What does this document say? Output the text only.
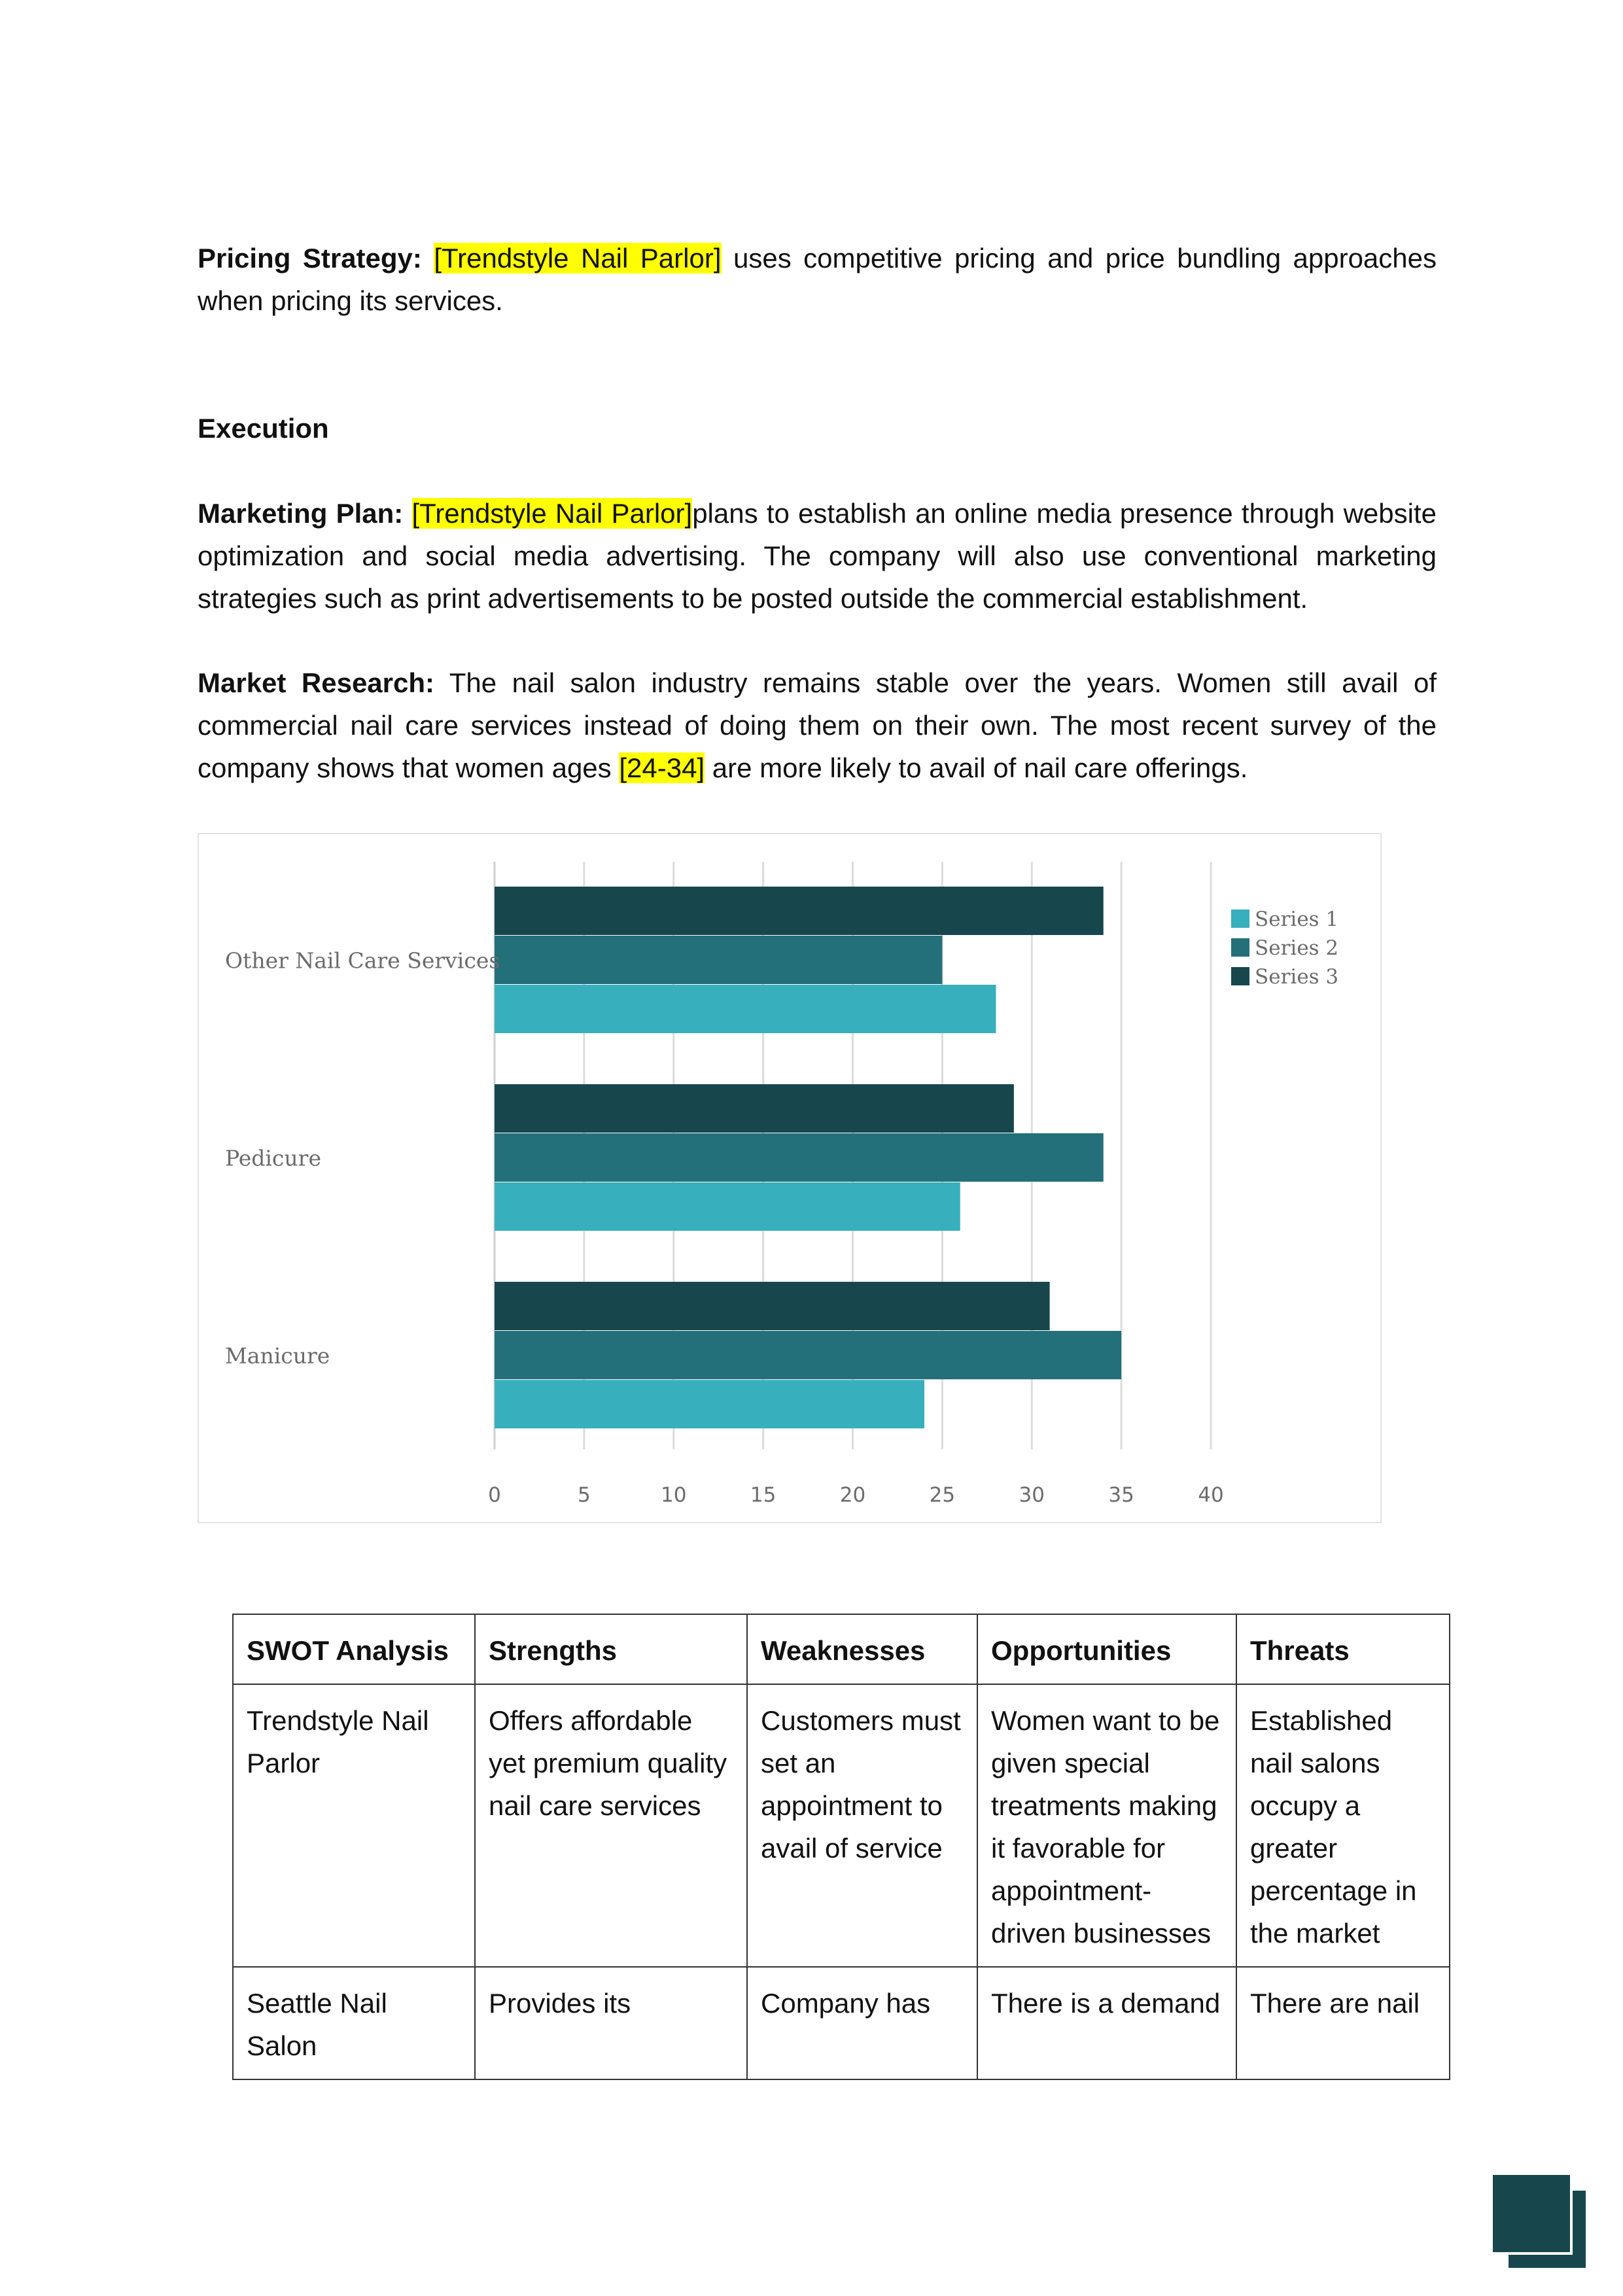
Pricing Strategy: [Trendstyle Nail Parlor] uses competitive pricing and price bundling approaches when pricing its services.

Execution

Marketing Plan: [Trendstyle Nail Parlor]plans to establish an online media presence through website optimization and social media advertising. The company will also use conventional marketing strategies such as print advertisements to be posted outside the commercial establishment.

Market Research: The nail salon industry remains stable over the years. Women still avail of commercial nail care services instead of doing them on their own. The most recent survey of the company shows that women ages [24-34] are more likely to avail of nail care offerings.

0	5	10	15	20	25	30	35	40
Other Nail Care Services
Pedicure
Manicure
Series 1
Series 2
Series 3
SWOT Analysis	Strengths	Weaknesses	Opportunities	Threats
Trendstyle Nail Parlor	Offers affordable yet premium quality nail care services	Customers must set an appointment to avail of service	Women want to be given special treatments making it favorable for appointment-driven businesses	Established nail salons occupy a greater percentage in the market
Seattle Nail Salon	Provides its	Company has	There is a demand	There are nail
